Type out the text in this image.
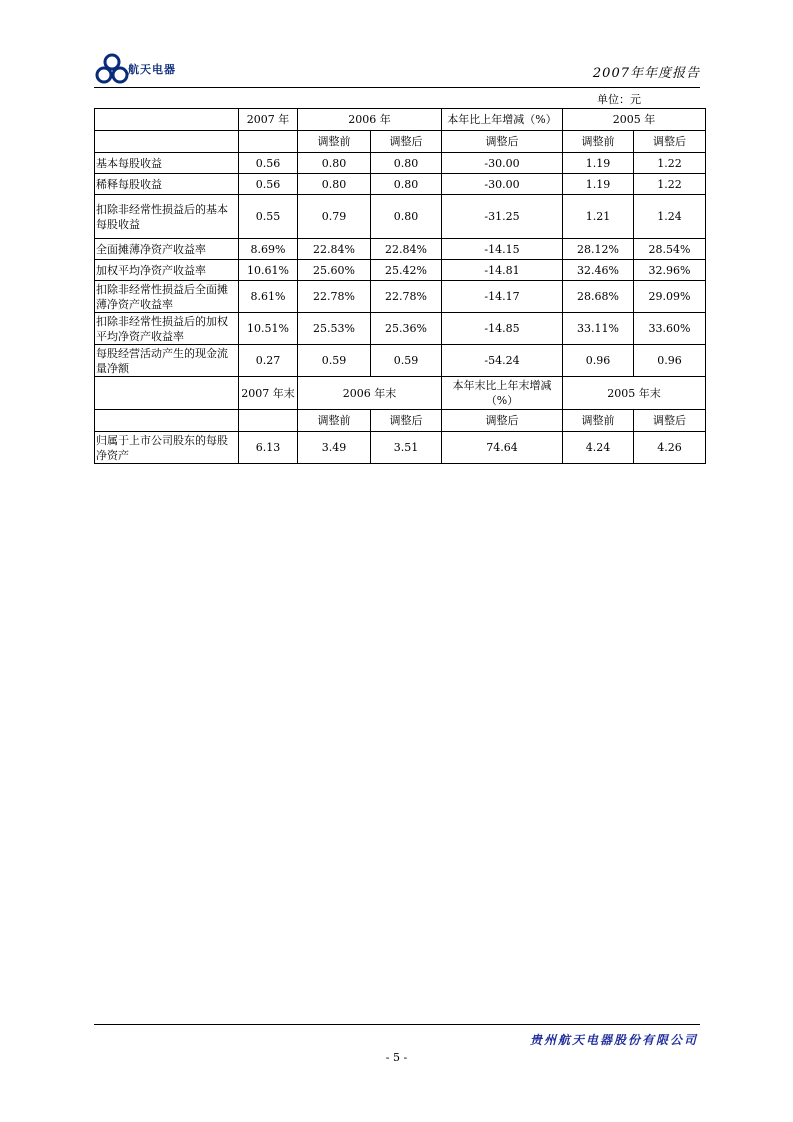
航天电器	2007年年度报告
单位：元
	2007 年	2006 年		本年比上年增减（%）	2005 年	
		调整前	调整后	调整后	调整前	调整后
基本每股收益	0.56	0.80	0.80	-30.00	1.19	1.22
稀释每股收益	0.56	0.80	0.80	-30.00	1.19	1.22
扣除非经常性损益后的基本每股收益	0.55	0.79	0.80	-31.25	1.21	1.24
全面摊薄净资产收益率	8.69%	22.84%	22.84%	-14.15	28.12%	28.54%
加权平均净资产收益率	10.61%	25.60%	25.42%	-14.81	32.46%	32.96%
扣除非经常性损益后全面摊薄净资产收益率	8.61%	22.78%	22.78%	-14.17	28.68%	29.09%
扣除非经常性损益后的加权平均净资产收益率	10.51%	25.53%	25.36%	-14.85	33.11%	33.60%
每股经营活动产生的现金流量净额	0.27	0.59	0.59	-54.24	0.96	0.96
	2007 年末	2006 年末		本年末比上年末增减（%）	2005 年末	
		调整前	调整后	调整后	调整前	调整后
归属于上市公司股东的每股净资产	6.13	3.49	3.51	74.64	4.24	4.26
贵州航天电器股份有限公司
- 5 -
